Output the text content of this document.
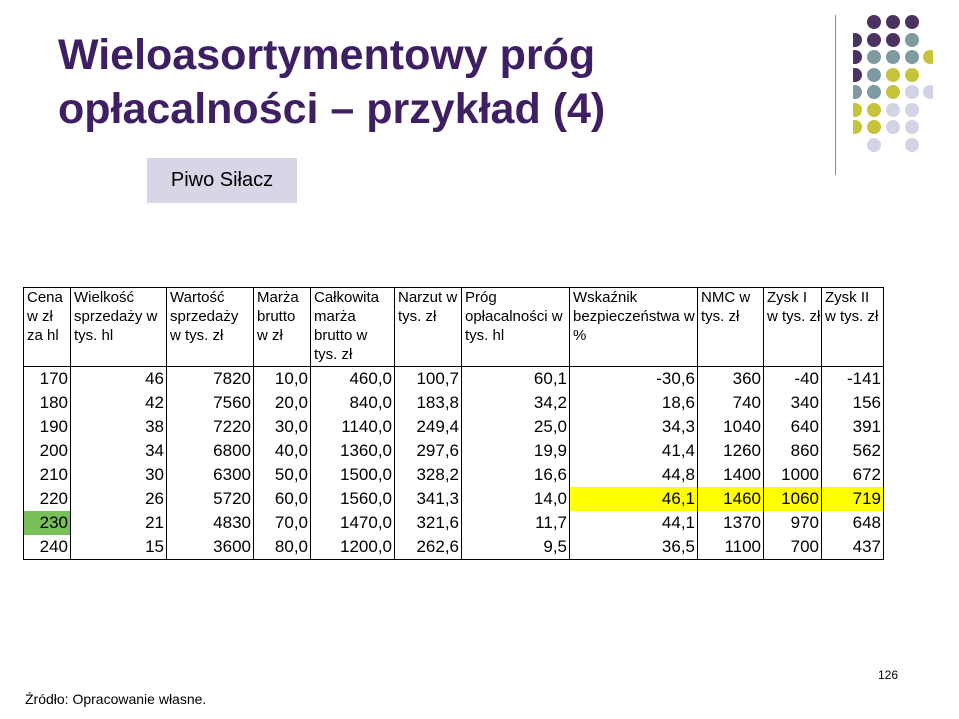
Wieloasortymentowy próg
opłacalności – przykład (4)
Piwo Siłacz
Cena w zł za hl	Wielkość sprzedaży w tys. hl	Wartość sprzedaży w tys. zł	Marża brutto w zł	Całkowita marża brutto w tys. zł	Narzut w tys. zł	Próg opłacalności w tys. hl	Wskaźnik bezpieczeństwa w %	NMC w tys. zł	Zysk I w tys. zł	Zysk II w tys. zł
170	46	7820	10,0	460,0	100,7	60,1	-30,6	360	-40	-141
180	42	7560	20,0	840,0	183,8	34,2	18,6	740	340	156
190	38	7220	30,0	1140,0	249,4	25,0	34,3	1040	640	391
200	34	6800	40,0	1360,0	297,6	19,9	41,4	1260	860	562
210	30	6300	50,0	1500,0	328,2	16,6	44,8	1400	1000	672
220	26	5720	60,0	1560,0	341,3	14,0	46,1	1460	1060	719
230	21	4830	70,0	1470,0	321,6	11,7	44,1	1370	970	648
240	15	3600	80,0	1200,0	262,6	9,5	36,5	1100	700	437
126
Źródło: Opracowanie własne.
